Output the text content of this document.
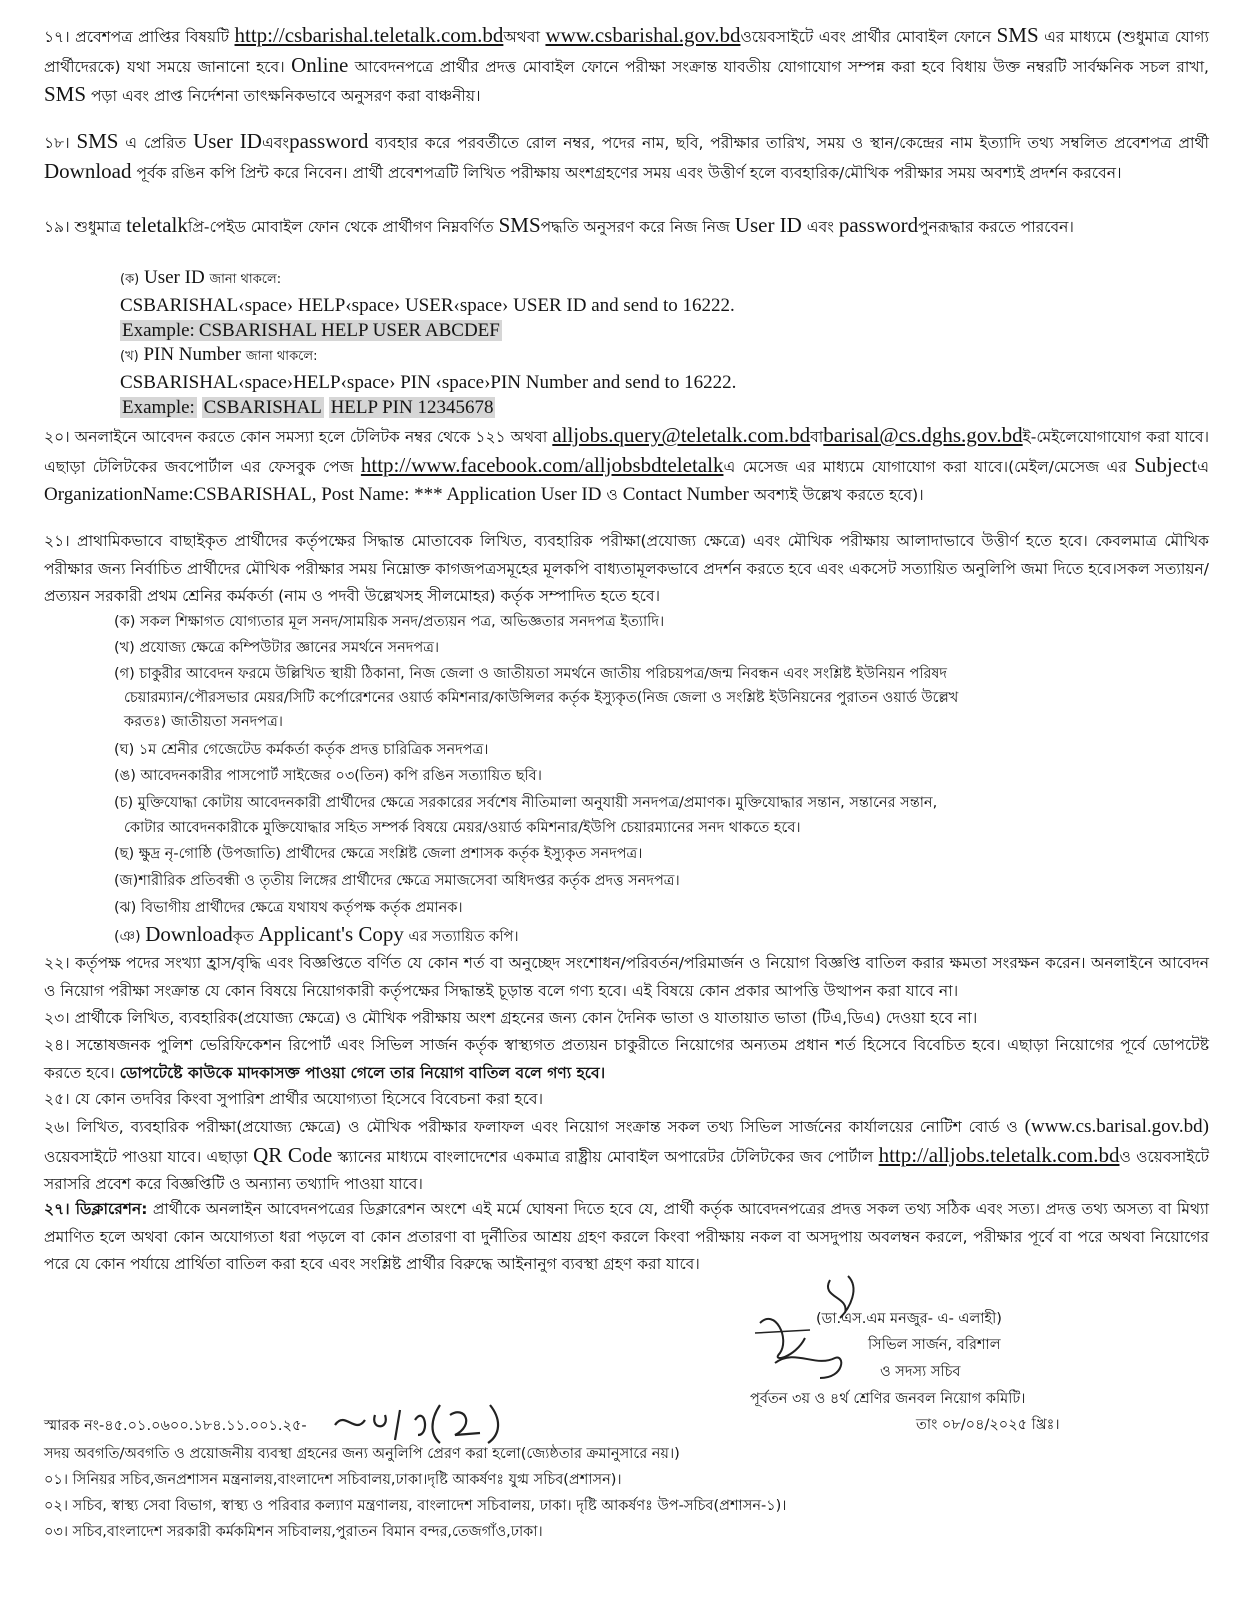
১৭। প্রবেশপত্র প্রাপ্তির বিষয়টি http://csbarishal.teletalk.com.bdঅথবা www.csbarishal.gov.bdওয়েবসাইটে এবং প্রার্থীর মোবাইল ফোনে SMS এর মাধ্যমে (শুধুমাত্র যোগ্য প্রার্থীদেরকে) যথা সময়ে জানানো হবে। Online আবেদনপত্রে প্রার্থীর প্রদত্ত মোবাইল ফোনে পরীক্ষা সংক্রান্ত যাবতীয় যোগাযোগ সম্পন্ন করা হবে বিধায় উক্ত নম্বরটি সার্বক্ষনিক সচল রাখা, SMS পড়া এবং প্রাপ্ত নির্দেশনা তাৎক্ষনিকভাবে অনুসরণ করা বাঞ্চনীয়।
১৮। SMS এ প্রেরিত User IDএবংpassword ব্যবহার করে পরবর্তীতে রোল নম্বর, পদের নাম, ছবি, পরীক্ষার তারিখ, সময় ও স্থান/কেন্দ্রের নাম ইত্যাদি তথ্য সম্বলিত প্রবেশপত্র প্রার্থী Download পূর্বক রঙিন কপি প্রিন্ট করে নিবেন। প্রার্থী প্রবেশপত্রটি লিখিত পরীক্ষায় অংশগ্রহণের সময় এবং উত্তীর্ণ হলে ব্যবহারিক/মৌখিক পরীক্ষার সময় অবশ্যই প্রদর্শন করবেন।
১৯। শুধুমাত্র teletalkপ্রি-পেইড মোবাইল ফোন থেকে প্রার্থীগণ নিম্নবর্ণিত SMSপদ্ধতি অনুসরণ করে নিজ নিজ User ID এবং passwordপুনরূদ্ধার করতে পারবেন।
(ক) User ID জানা থাকলে:
CSBARISHAL‹space› HELP‹space› USER‹space› USER ID and send to 16222.
Example: CSBARISHAL HELP USER ABCDEF
(খ) PIN Number জানা থাকলে:
CSBARISHAL‹space›HELP‹space› PIN ‹space›PIN Number and send to 16222.
Example: CSBARISHAL HELP PIN 12345678
২০। অনলাইনে আবেদন করতে কোন সমস্যা হলে টেলিটক নম্বর থেকে ১২১ অথবা alljobs.query@teletalk.com.bdবাbarisal@cs.dghs.gov.bdই-মেইলেযোগাযোগ করা যাবে।এছাড়া টেলিটকের জবপোর্টাল এর ফেসবুক পেজ http://www.facebook.com/alljobsbdteletalkএ মেসেজ এর মাধ্যমে যোগাযোগ করা যাবে।(মেইল/মেসেজ এর Subjectএ OrganizationName:CSBARISHAL, Post Name: *** Application User ID ও Contact Number অবশ্যই উল্লেখ করতে হবে)।
২১। প্রাথামিকভাবে বাছাইকৃত প্রার্থীদের কর্তৃপক্ষের সিদ্ধান্ত মোতাবেক লিখিত, ব্যবহারিক পরীক্ষা(প্রযোজ্য ক্ষেত্রে) এবং মৌখিক পরীক্ষায় আলাদাভাবে উত্তীর্ণ হতে হবে। কেবলমাত্র মৌখিক পরীক্ষার জন্য নির্বাচিত প্রার্থীদের মৌখিক পরীক্ষার সময় নিম্নোক্ত কাগজপত্রসমূহের মূলকপি বাধ্যতামূলকভাবে প্রদর্শন করতে হবে এবং একসেট সত্যায়িত অনুলিপি জমা দিতে হবে।সকল সত্যায়ন/প্রত্যয়ন সরকারী প্রথম শ্রেনির কর্মকর্তা (নাম ও পদবী উল্লেখসহ সীলমোহর) কর্তৃক সম্পাদিত হতে হবে।
(ক) সকল শিক্ষাগত যোগ্যতার মূল সনদ/সাময়িক সনদ/প্রত্যয়ন পত্র, অভিজ্ঞতার সনদপত্র ইত্যাদি।
(খ) প্রযোজ্য ক্ষেত্রে কম্পিউটার জ্ঞানের সমর্থনে সনদপত্র।
(গ) চাকুরীর আবেদন ফরমে উল্লিখিত স্থায়ী ঠিকানা, নিজ জেলা ও জাতীয়তা সমর্থনে জাতীয় পরিচয়পত্র/জন্ম নিবন্ধন এবং সংশ্লিষ্ট ইউনিয়ন পরিষদ
চেয়ারম্যান/পৌরসভার মেয়র/সিটি কর্পোরেশনের ওয়ার্ড কমিশনার/কাউন্সিলর কর্তৃক ইস্যুকৃত(নিজ জেলা ও সংশ্লিষ্ট ইউনিয়নের পুরাতন ওয়ার্ড উল্লেখ
করতঃ) জাতীয়তা সনদপত্র।
(ঘ) ১ম শ্রেনীর গেজেটেড কর্মকর্তা কর্তৃক প্রদত্ত চারিত্রিক সনদপত্র।
(ঙ) আবেদনকারীর পাসপোর্ট সাইজের ০৩(তিন) কপি রঙিন সত্যায়িত ছবি।
(চ) মুক্তিযোদ্ধা কোটায় আবেদনকারী প্রার্থীদের ক্ষেত্রে সরকারের সর্বশেষ নীতিমালা অনুযায়ী সনদপত্র/প্রমাণক। মুক্তিযোদ্ধার সন্তান, সন্তানের সন্তান,
কোটার আবেদনকারীকে মুক্তিযোদ্ধার সহিত সম্পর্ক বিষয়ে মেয়র/ওয়ার্ড কমিশনার/ইউপি চেয়ারম্যানের সনদ থাকতে হবে।
(ছ) ক্ষুদ্র নৃ-গোষ্ঠি (উপজাতি) প্রার্থীদের ক্ষেত্রে সংশ্লিষ্ট জেলা প্রশাসক কর্তৃক ইস্যুকৃত সনদপত্র।
(জ)শারীরিক প্রতিবন্ধী ও তৃতীয় লিঙ্গের প্রার্থীদের ক্ষেত্রে সমাজসেবা অধিদপ্তর কর্তৃক প্রদত্ত সনদপত্র।
(ঝ) বিভাগীয় প্রার্থীদের ক্ষেত্রে যথাযথ কর্তৃপক্ষ কর্তৃক প্রমানক।
(ঞ) Downloadকৃত Applicant's Copy এর সত্যায়িত কপি।
২২। কর্তৃপক্ষ পদের সংখ্যা হ্রাস/বৃদ্ধি এবং বিজ্ঞপ্তিতে বর্ণিত যে কোন শর্ত বা অনুচ্ছেদ সংশোধন/পরিবর্তন/পরিমার্জন ও নিয়োগ বিজ্ঞপ্তি বাতিল করার ক্ষমতা সংরক্ষন করেন। অনলাইনে আবেদন ও নিয়োগ পরীক্ষা সংক্রান্ত যে কোন বিষয়ে নিয়োগকারী কর্তৃপক্ষের সিদ্ধান্তই চূড়ান্ত বলে গণ্য হবে। এই বিষয়ে কোন প্রকার আপত্তি উত্থাপন করা যাবে না।
২৩। প্রার্থীকে লিখিত, ব্যবহারিক(প্রযোজ্য ক্ষেত্রে) ও মৌখিক পরীক্ষায় অংশ গ্রহনের জন্য কোন দৈনিক ভাতা ও যাতায়াত ভাতা (টিএ,ডিএ) দেওয়া হবে না।
২৪। সন্তোষজনক পুলিশ ভেরিফিকেশন রিপোর্ট এবং সিভিল সার্জন কর্তৃক স্বাস্থ্যগত প্রত্যয়ন চাকুরীতে নিয়োগের অন্যতম প্রধান শর্ত হিসেবে বিবেচিত হবে। এছাড়া নিয়োগের পূর্বে ডোপটেষ্ট করতে হবে। ডোপটেষ্টে কাউকে মাদকাসক্ত পাওয়া গেলে তার নিয়োগ বাতিল বলে গণ্য হবে।
২৫। যে কোন তদবির কিংবা সুপারিশ প্রার্থীর অযোগ্যতা হিসেবে বিবেচনা করা হবে।
২৬। লিখিত, ব্যবহারিক পরীক্ষা(প্রযোজ্য ক্ষেত্রে) ও মৌখিক পরীক্ষার ফলাফল এবং নিয়োগ সংক্রান্ত সকল তথ্য সিভিল সার্জনের কার্যালয়ের নোটিশ বোর্ড ও (www.cs.barisal.gov.bd) ওয়েবসাইটে পাওয়া যাবে। এছাড়া QR Code স্ক্যানের মাধ্যমে বাংলাদেশের একমাত্র রাষ্ট্রীয় মোবাইল অপারেটর টেলিটকের জব পোর্টাল http://alljobs.teletalk.com.bdও ওয়েবসাইটে সরাসরি প্রবেশ করে বিজ্ঞপ্তিটি ও অন্যান্য তথ্যাদি পাওয়া যাবে।
২৭। ডিক্লারেশন: প্রার্থীকে অনলাইন আবেদনপত্রের ডিক্লারেশন অংশে এই মর্মে ঘোষনা দিতে হবে যে, প্রার্থী কর্তৃক আবেদনপত্রের প্রদত্ত সকল তথ্য সঠিক এবং সত্য। প্রদত্ত তথ্য অসত্য বা মিথ্যা প্রমাণিত হলে অথবা কোন অযোগ্যতা ধরা পড়লে বা কোন প্রতারণা বা দুর্নীতির আশ্রয় গ্রহণ করলে কিংবা পরীক্ষায় নকল বা অসদুপায় অবলম্বন করলে, পরীক্ষার পূর্বে বা পরে অথবা নিয়োগের পরে যে কোন পর্যায়ে প্রার্থিতা বাতিল করা হবে এবং সংশ্লিষ্ট প্রার্থীর বিরুদ্ধে আইনানুগ ব্যবস্থা গ্রহণ করা যাবে।
(ডা.এস.এম মনজুর- এ- এলাহী)
সিভিল সার্জন, বরিশাল
ও সদস্য সচিব
পূর্বতন ৩য় ও ৪র্থ শ্রেণির জনবল নিয়োগ কমিটি।
তাং ০৮/০৪/২০২৫ খ্রিঃ।
স্মারক নং-৪৫.০১.০৬০০.১৮৪.১১.০০১.২৫-
সদয় অবগতি/অবগতি ও প্রয়োজনীয় ব্যবস্থা গ্রহনের জন্য অনুলিপি প্রেরণ করা হলো(জ্যেষ্ঠতার ক্রমানুসারে নয়।)
০১। সিনিয়র সচিব,জনপ্রশাসন মন্ত্রনালয়,বাংলাদেশ সচিবালয়,ঢাকা।দৃষ্টি আকর্ষণঃ যুগ্ম সচিব(প্রশাসন)।
০২। সচিব, স্বাস্থ্য সেবা বিভাগ, স্বাস্থ্য ও পরিবার কল্যাণ মন্ত্রণালয়, বাংলাদেশ সচিবালয়, ঢাকা। দৃষ্টি আকর্ষণঃ উপ-সচিব(প্রশাসন-১)।
০৩। সচিব,বাংলাদেশ সরকারী কর্মকমিশন সচিবালয়,পুরাতন বিমান বন্দর,তেজগাঁও,ঢাকা।
